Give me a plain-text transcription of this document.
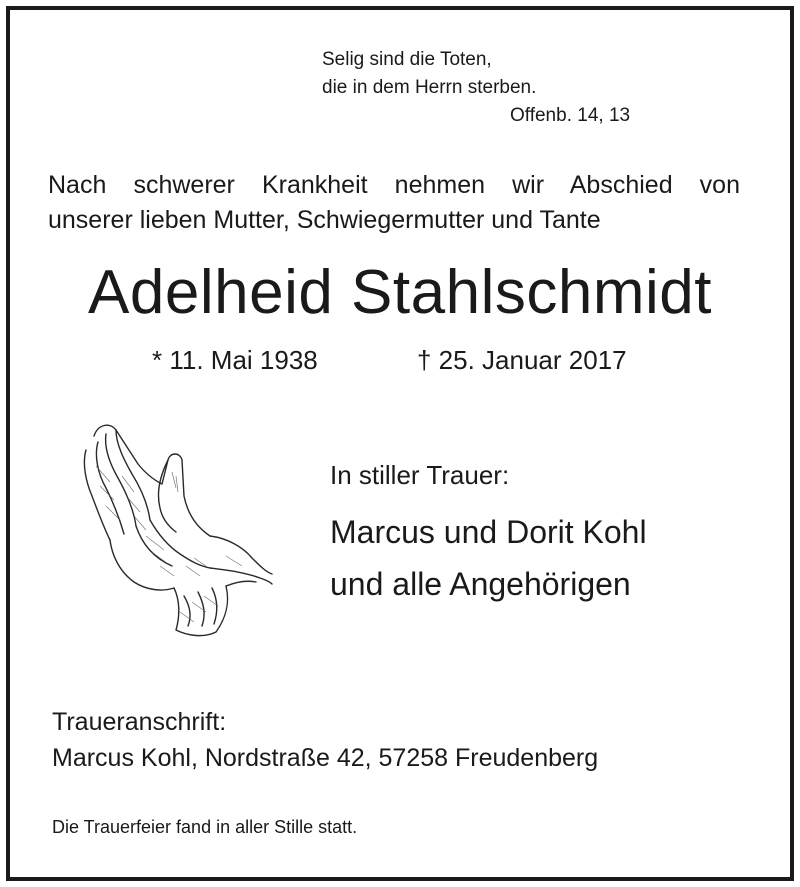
Selig sind die Toten,
die in dem Herrn sterben.
Offenb. 14, 13
Nach schwerer Krankheit nehmen wir Abschied von
unserer lieben Mutter, Schwiegermutter und Tante
Adelheid Stahlschmidt
* 11. Mai 1938	† 25. Januar 2017
In stiller Trauer:
Marcus und Dorit Kohl
und alle Angehörigen
Traueranschrift:
Marcus Kohl, Nordstraße 42, 57258 Freudenberg
Die Trauerfeier fand in aller Stille statt.
